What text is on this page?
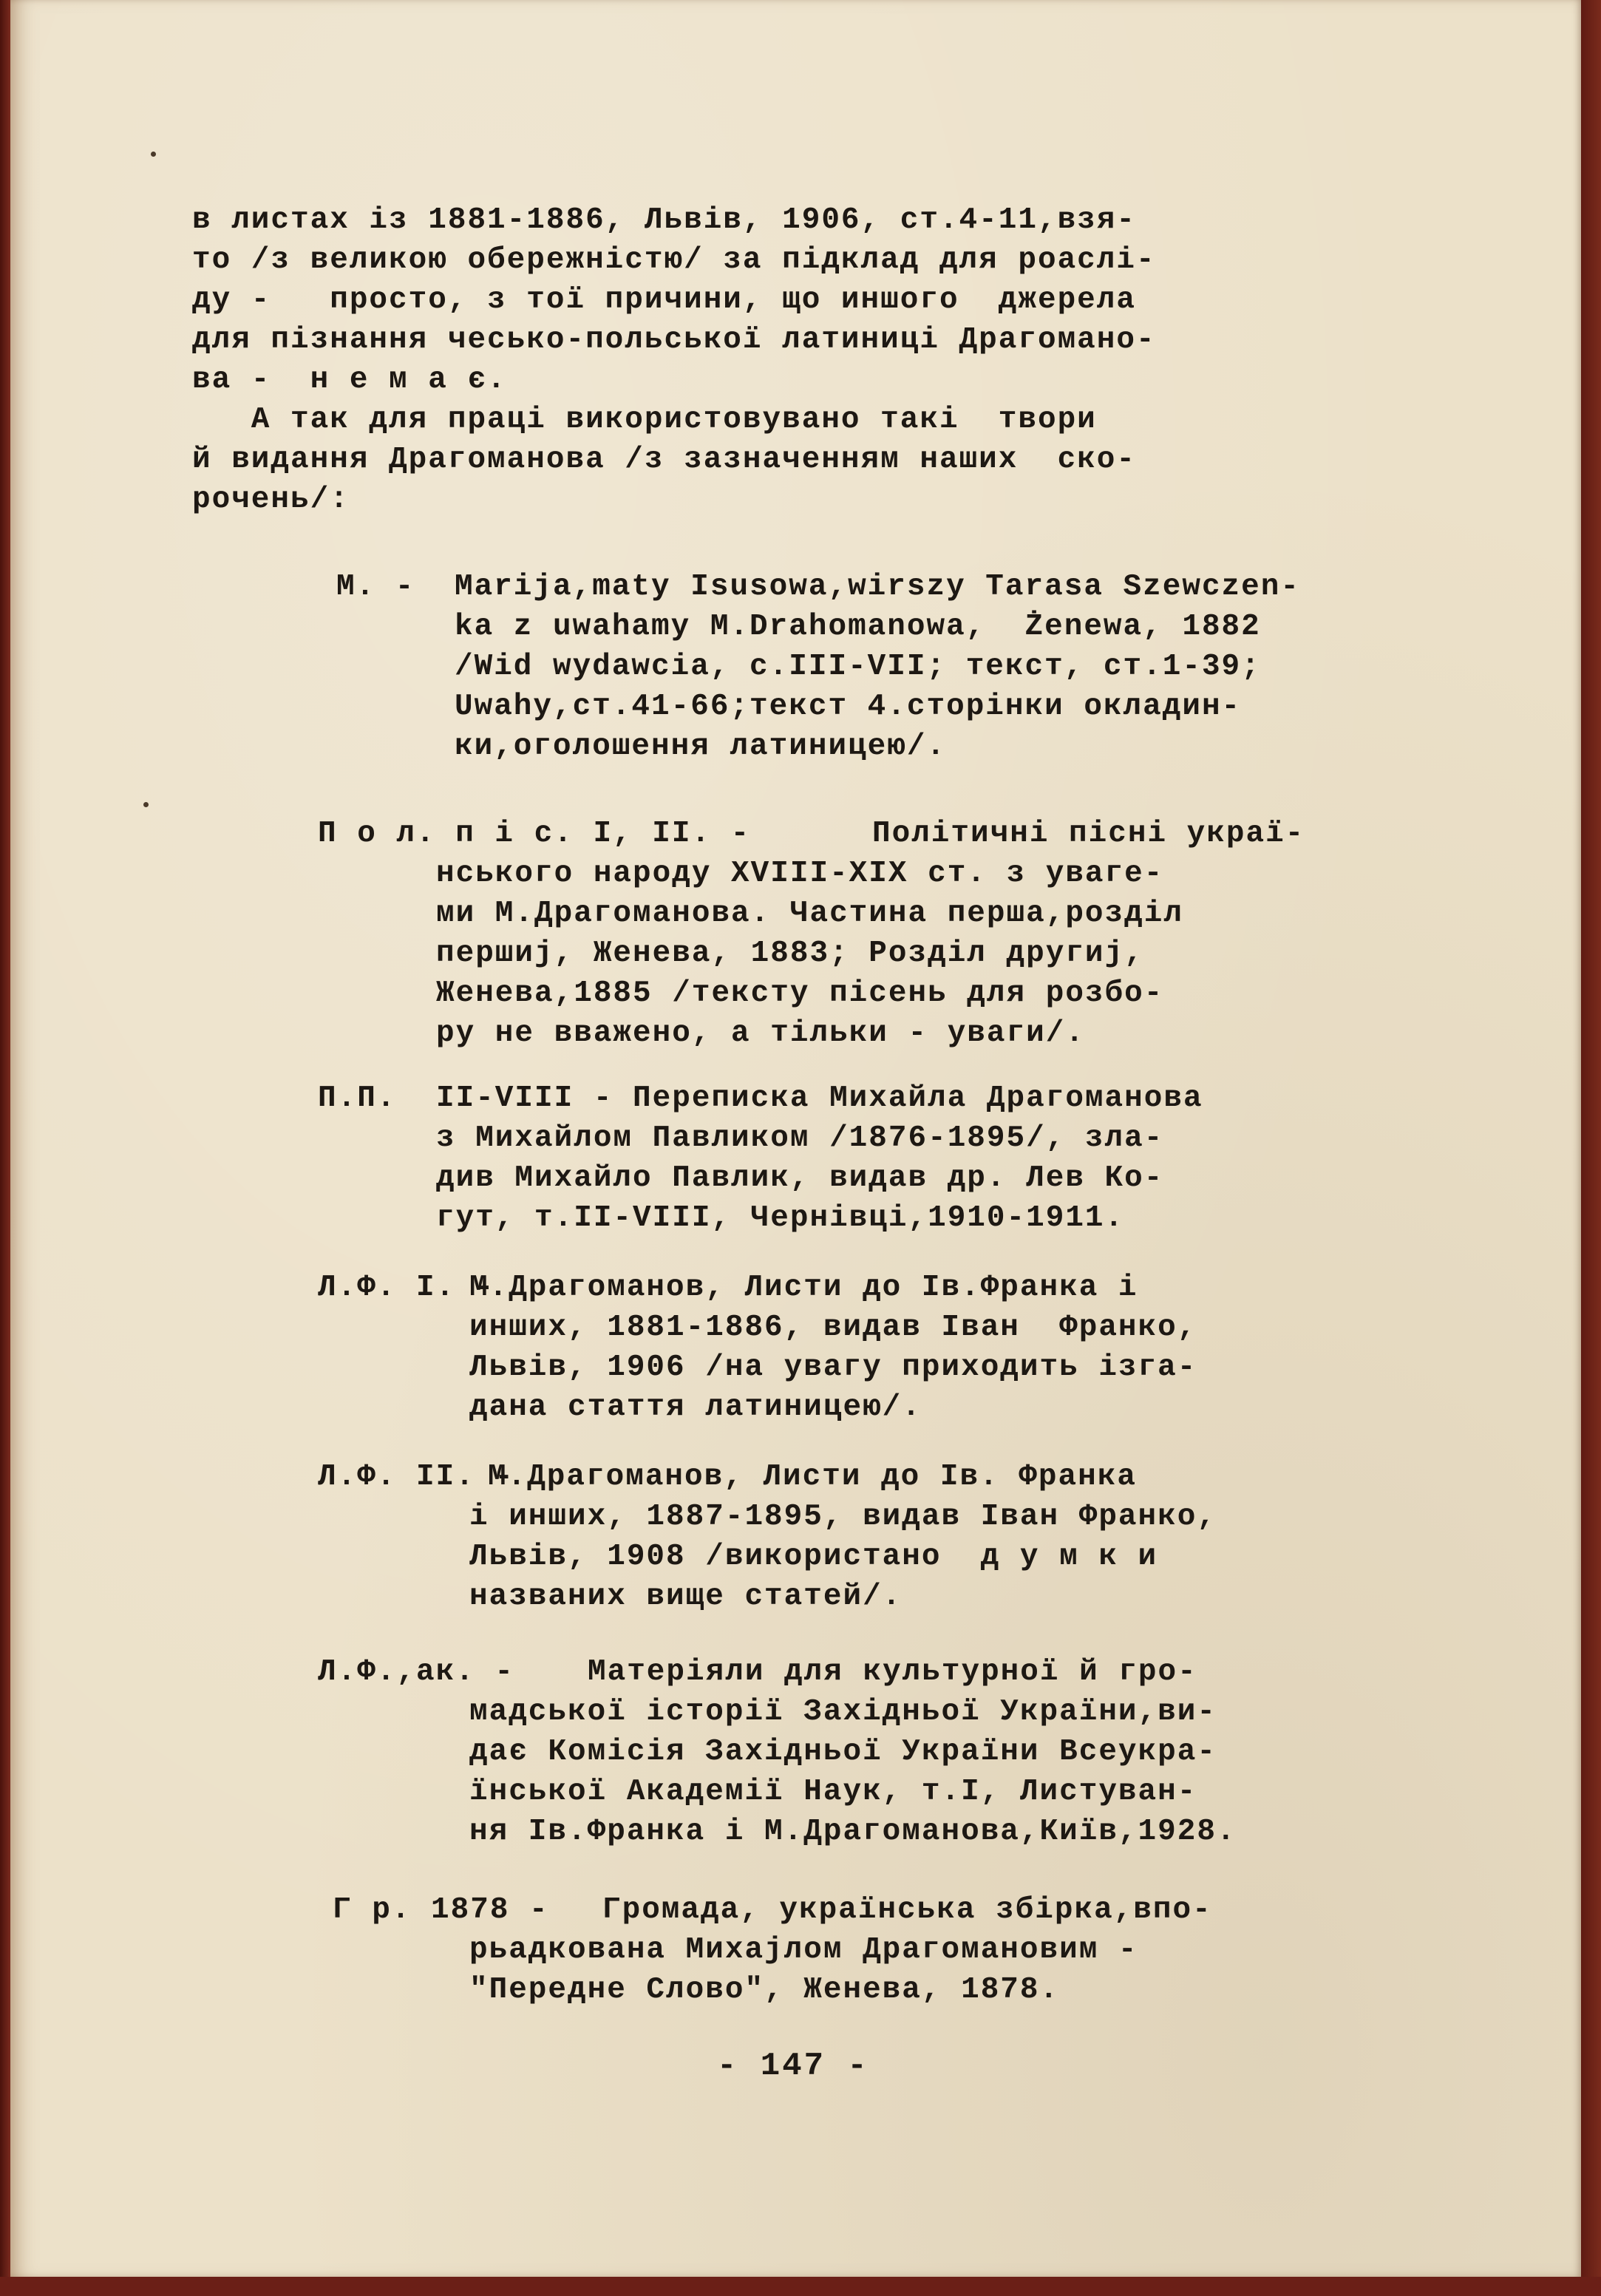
в листах із 1881-1886, Львів, 1906, ст.4-11,взя-
то /з великою обережністю/ за підклад для роаслі-
ду -   просто, з тої причини, що иншого  джерела
для пізнання чесько-польської латиниці Драгомано-
ва -  н е м а є.
А так для праці використовувано такі  твори
й видання Драгоманова /з зазначенням наших  ско-
рочень/:
M. - Marija,maty Isusowa,wirszy Tarasa Szewczen-
ka z uwahamy M.Drahomanowa,  Żenewa, 1882
/Wid wydawcia, c.III-VII; текст, ст.1-39;
Uwahy,ст.41-66;текст 4.сторінки окладин-
ки,оголошення латиницею/.
П о л. п і с. І, ІІ. -	Політичні пісні украї-
нського народу XVIII-XIX ст. з уваге-
ми М.Драгоманова. Частина перша,розділ
першиј, Женева, 1883; Розділ другиј,
Женева,1885 /тексту пісень для розбо-
ру не вважено, а тільки - уваги/.
П.П. II-VIII - Переписка Михайла Драгоманова
з Михайлом Павликом /1876-1895/, зла-
див Михайло Павлик, видав др. Лев Ко-
гут, т.II-VIII, Чернівці,1910-1911.
Л.Ф. I. -
М.Драгоманов, Листи до Ів.Франка і
инших, 1881-1886, видав Іван  Франко,
Львів, 1906 /на увагу приходить ізга-
дана стаття латиницею/.
Л.Ф. II. -
М.Драгоманов, Листи до Ів. Франка
і инших, 1887-1895, видав Іван Франко,
Львів, 1908 /використано  д у м к и
названих вище статей/.
Л.Ф.,ак. - Матеріяли для культурної й гро-
мадської історії Західньої України,ви-
дає Комісія Західньої України Всеукра-
їнської Академії Наук, т.І, Листуван-
ня Ів.Франка і М.Драгоманова,Київ,1928.
Г р. 1878 - Громада, українська збірка,впо-
рьадкована Михајлом Драгомановим -
"Передне Слово", Женева, 1878.
- 147 -
